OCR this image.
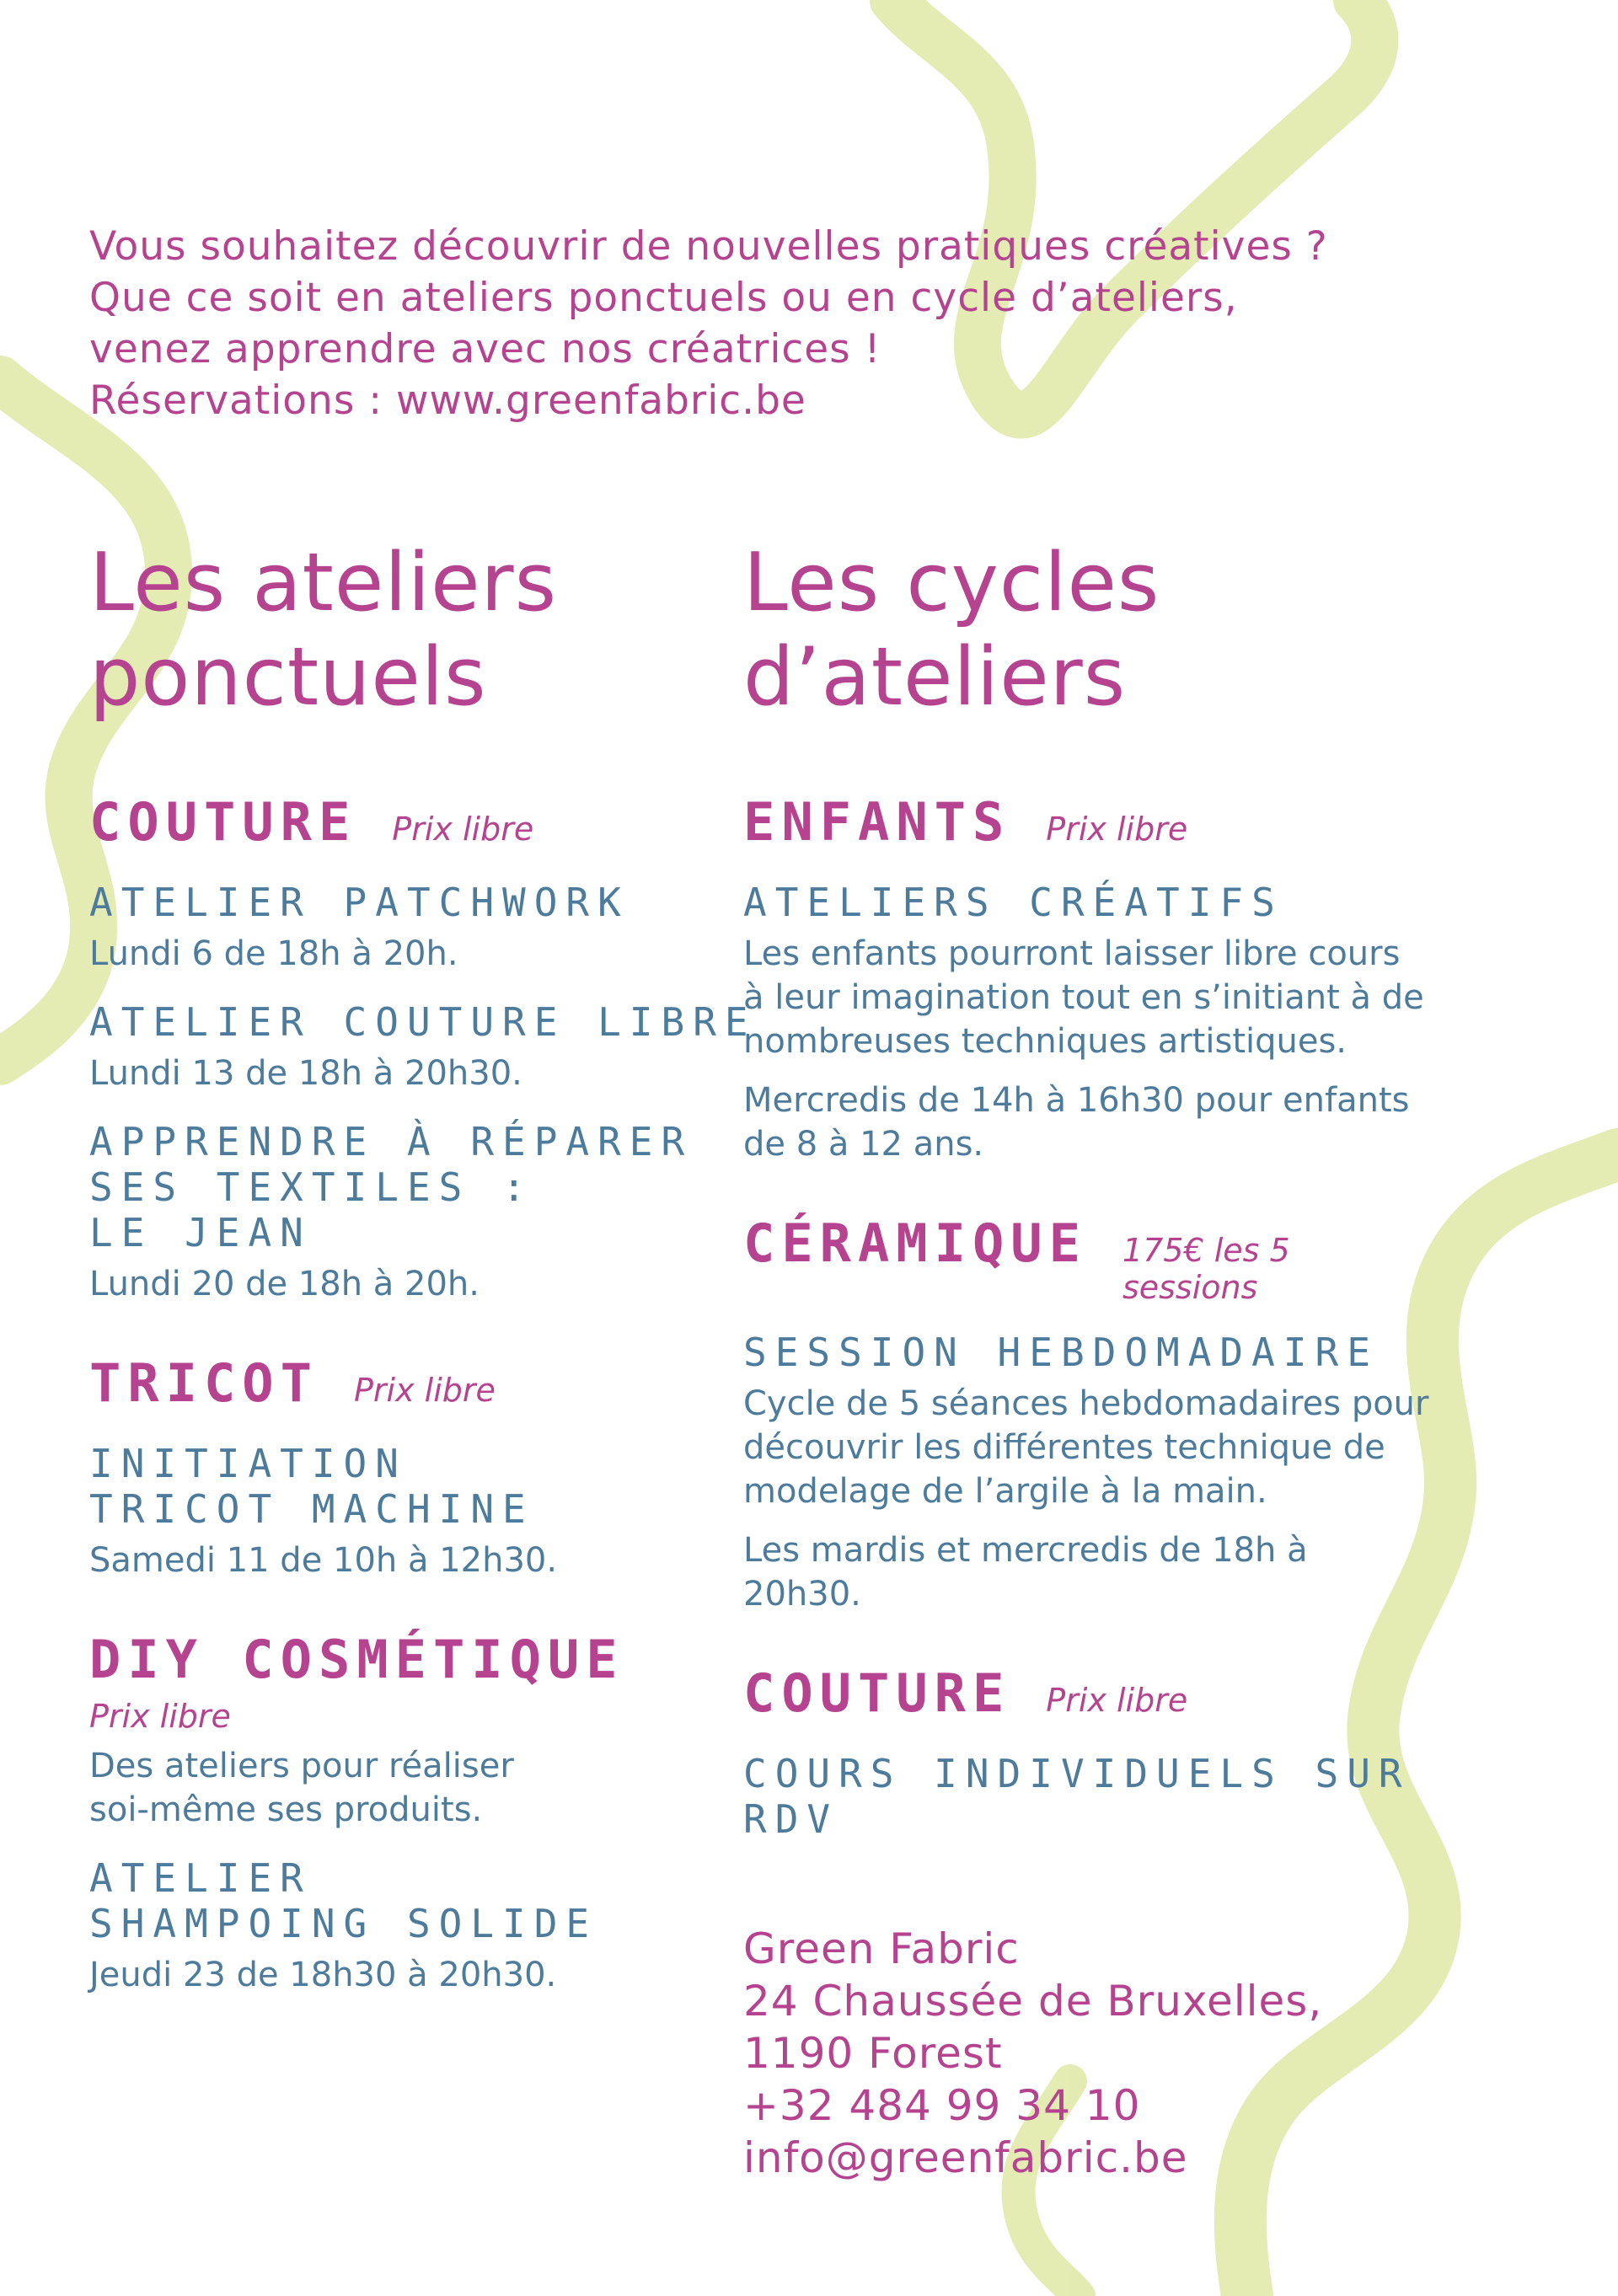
Vous souhaitez découvrir de nouvelles pratiques créatives ?
Que ce soit en ateliers ponctuels ou en cycle d’ateliers,
venez apprendre avec nos créatrices !
Réservations : www.greenfabric.be
Les ateliers
ponctuels
COUTURE Prix libre
ATELIER PATCHWORK
Lundi 6 de 18h à 20h.
ATELIER COUTURE LIBRE
Lundi 13 de 18h à 20h30.
APPRENDRE À RÉPARER
SES TEXTILES :
LE JEAN
Lundi 20 de 18h à 20h.
TRICOT Prix libre
INITIATION
TRICOT MACHINE
Samedi 11 de 10h à 12h30.
DIY COSMÉTIQUE
Prix libre
Des ateliers pour réaliser
soi-même ses produits.
ATELIER
SHAMPOING SOLIDE
Jeudi 23 de 18h30 à 20h30.
Les cycles
d’ateliers
ENFANTS Prix libre
ATELIERS CRÉATIFS
Les enfants pourront laisser libre cours
à leur imagination tout en s’initiant à de
nombreuses techniques artistiques.
Mercredis de 14h à 16h30 pour enfants
de 8 à 12 ans.
CÉRAMIQUE 175€ les 5 sessions
SESSION HEBDOMADAIRE
Cycle de 5 séances hebdomadaires pour
découvrir les différentes technique de
modelage de l’argile à la main.
Les mardis et mercredis de 18h à 20h30.
COUTURE Prix libre
COURS INDIVIDUELS SUR RDV
Green Fabric
24 Chaussée de Bruxelles,
1190 Forest
+32 484 99 34 10
info@greenfabric.be
